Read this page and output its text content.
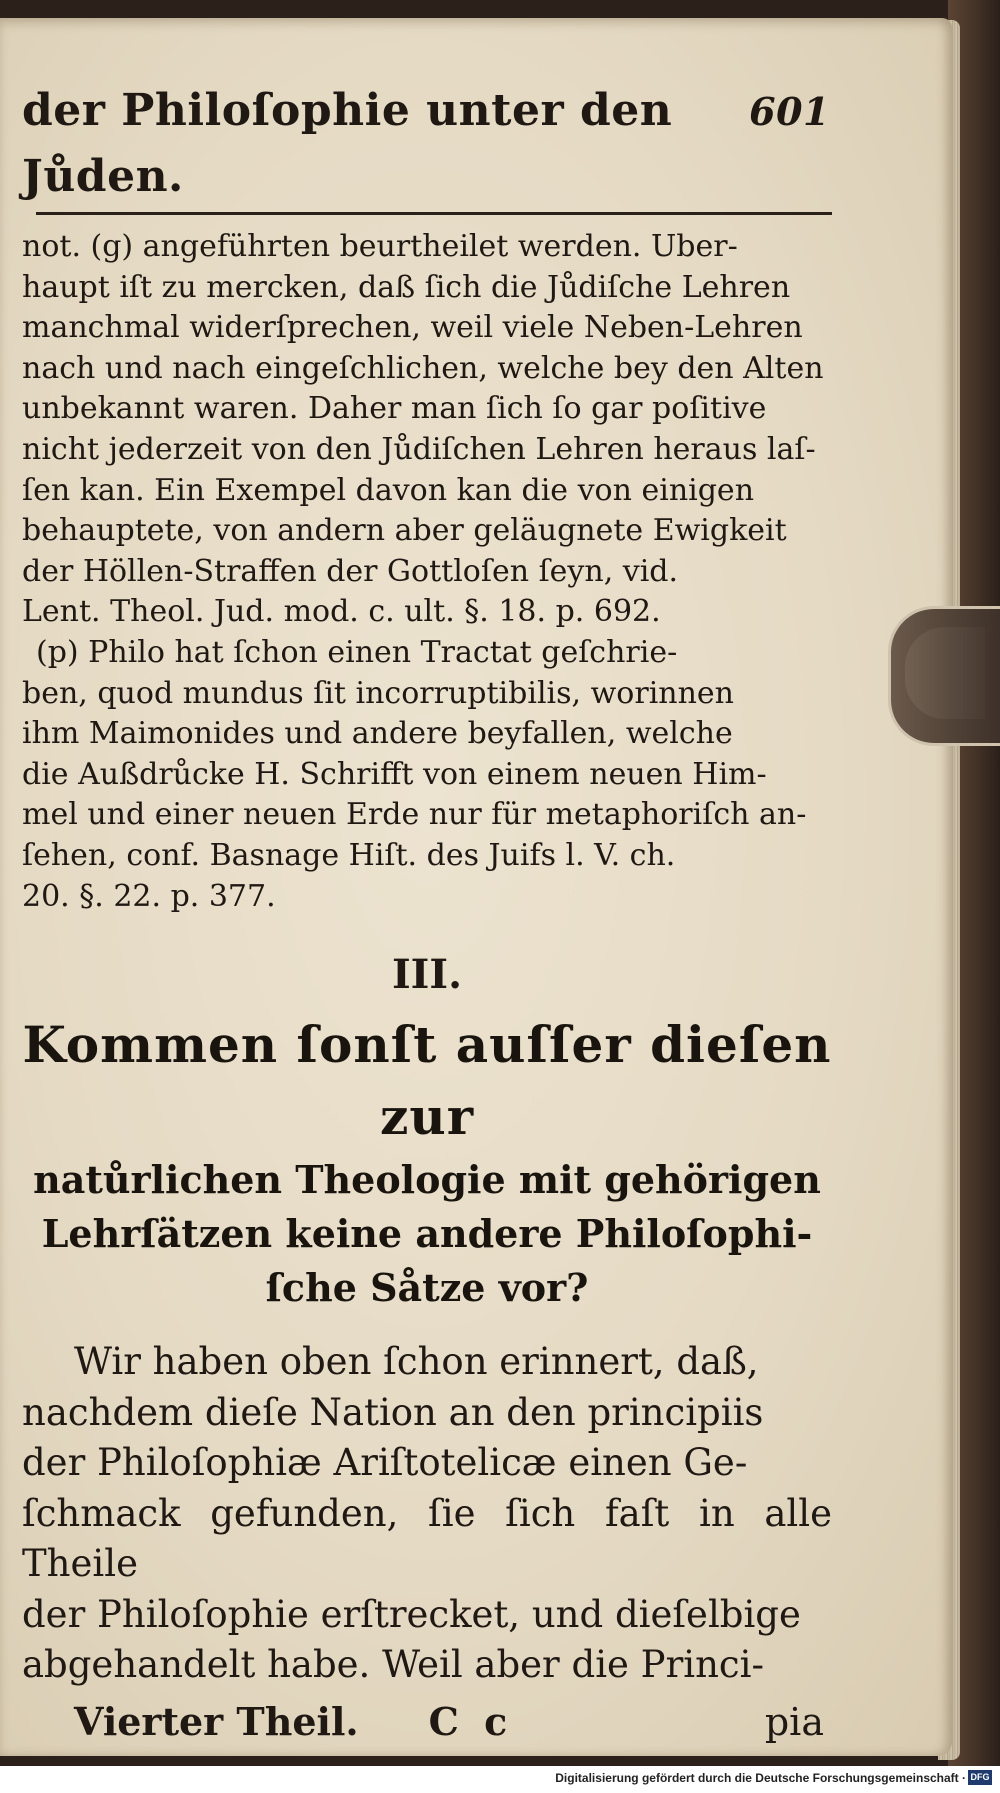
der Philoſophie unter den Jůden.
601

not. (g) angeführten beurtheilet werden. Uber-

haupt iſt zu mercken, daß ſich die Jůdiſche Lehren

manchmal widerſprechen, weil viele Neben-Lehren

nach und nach eingeſchlichen, welche bey den Alten

unbekannt waren. Daher man ſich ſo gar poſitive

nicht jederzeit von den Jůdiſchen Lehren heraus laſ-

ſen kan. Ein Exempel davon kan die von einigen

behauptete, von andern aber geläugnete Ewigkeit

der Höllen-Straffen der Gottloſen ſeyn, vid.

Lent. Theol. Jud. mod. c. ult. §. 18. p. 692.

(p) Philo hat ſchon einen Tractat geſchrie-

ben, quod mundus ſit incorruptibilis, worinnen

ihm Maimonides und andere beyfallen, welche

die Außdrůcke H. Schrifft von einem neuen Him-

mel und einer neuen Erde nur für metaphoriſch an-

ſehen, conf. Basnage Hiſt. des Juifs l. V. ch.

20. §. 22. p. 377.

III.
Kommen ſonſt auſſer dieſen zur
natůrlichen Theologie mit gehörigen
Lehrſätzen keine andere Philoſophi-
ſche Såtze vor?

Wir haben oben ſchon erinnert, daß,

nachdem dieſe Nation an den principiis

der Philoſophiæ Ariſtotelicæ einen Ge-

ſchmack gefunden, ſie ſich faſt in alle Theile

der Philoſophie erſtrecket, und dieſelbige

abgehandelt habe. Weil aber die Princi-

Vierter Theil. C c	pia
Digitalisierung gefördert durch die Deutsche Forschungsgemeinschaft · DFG
